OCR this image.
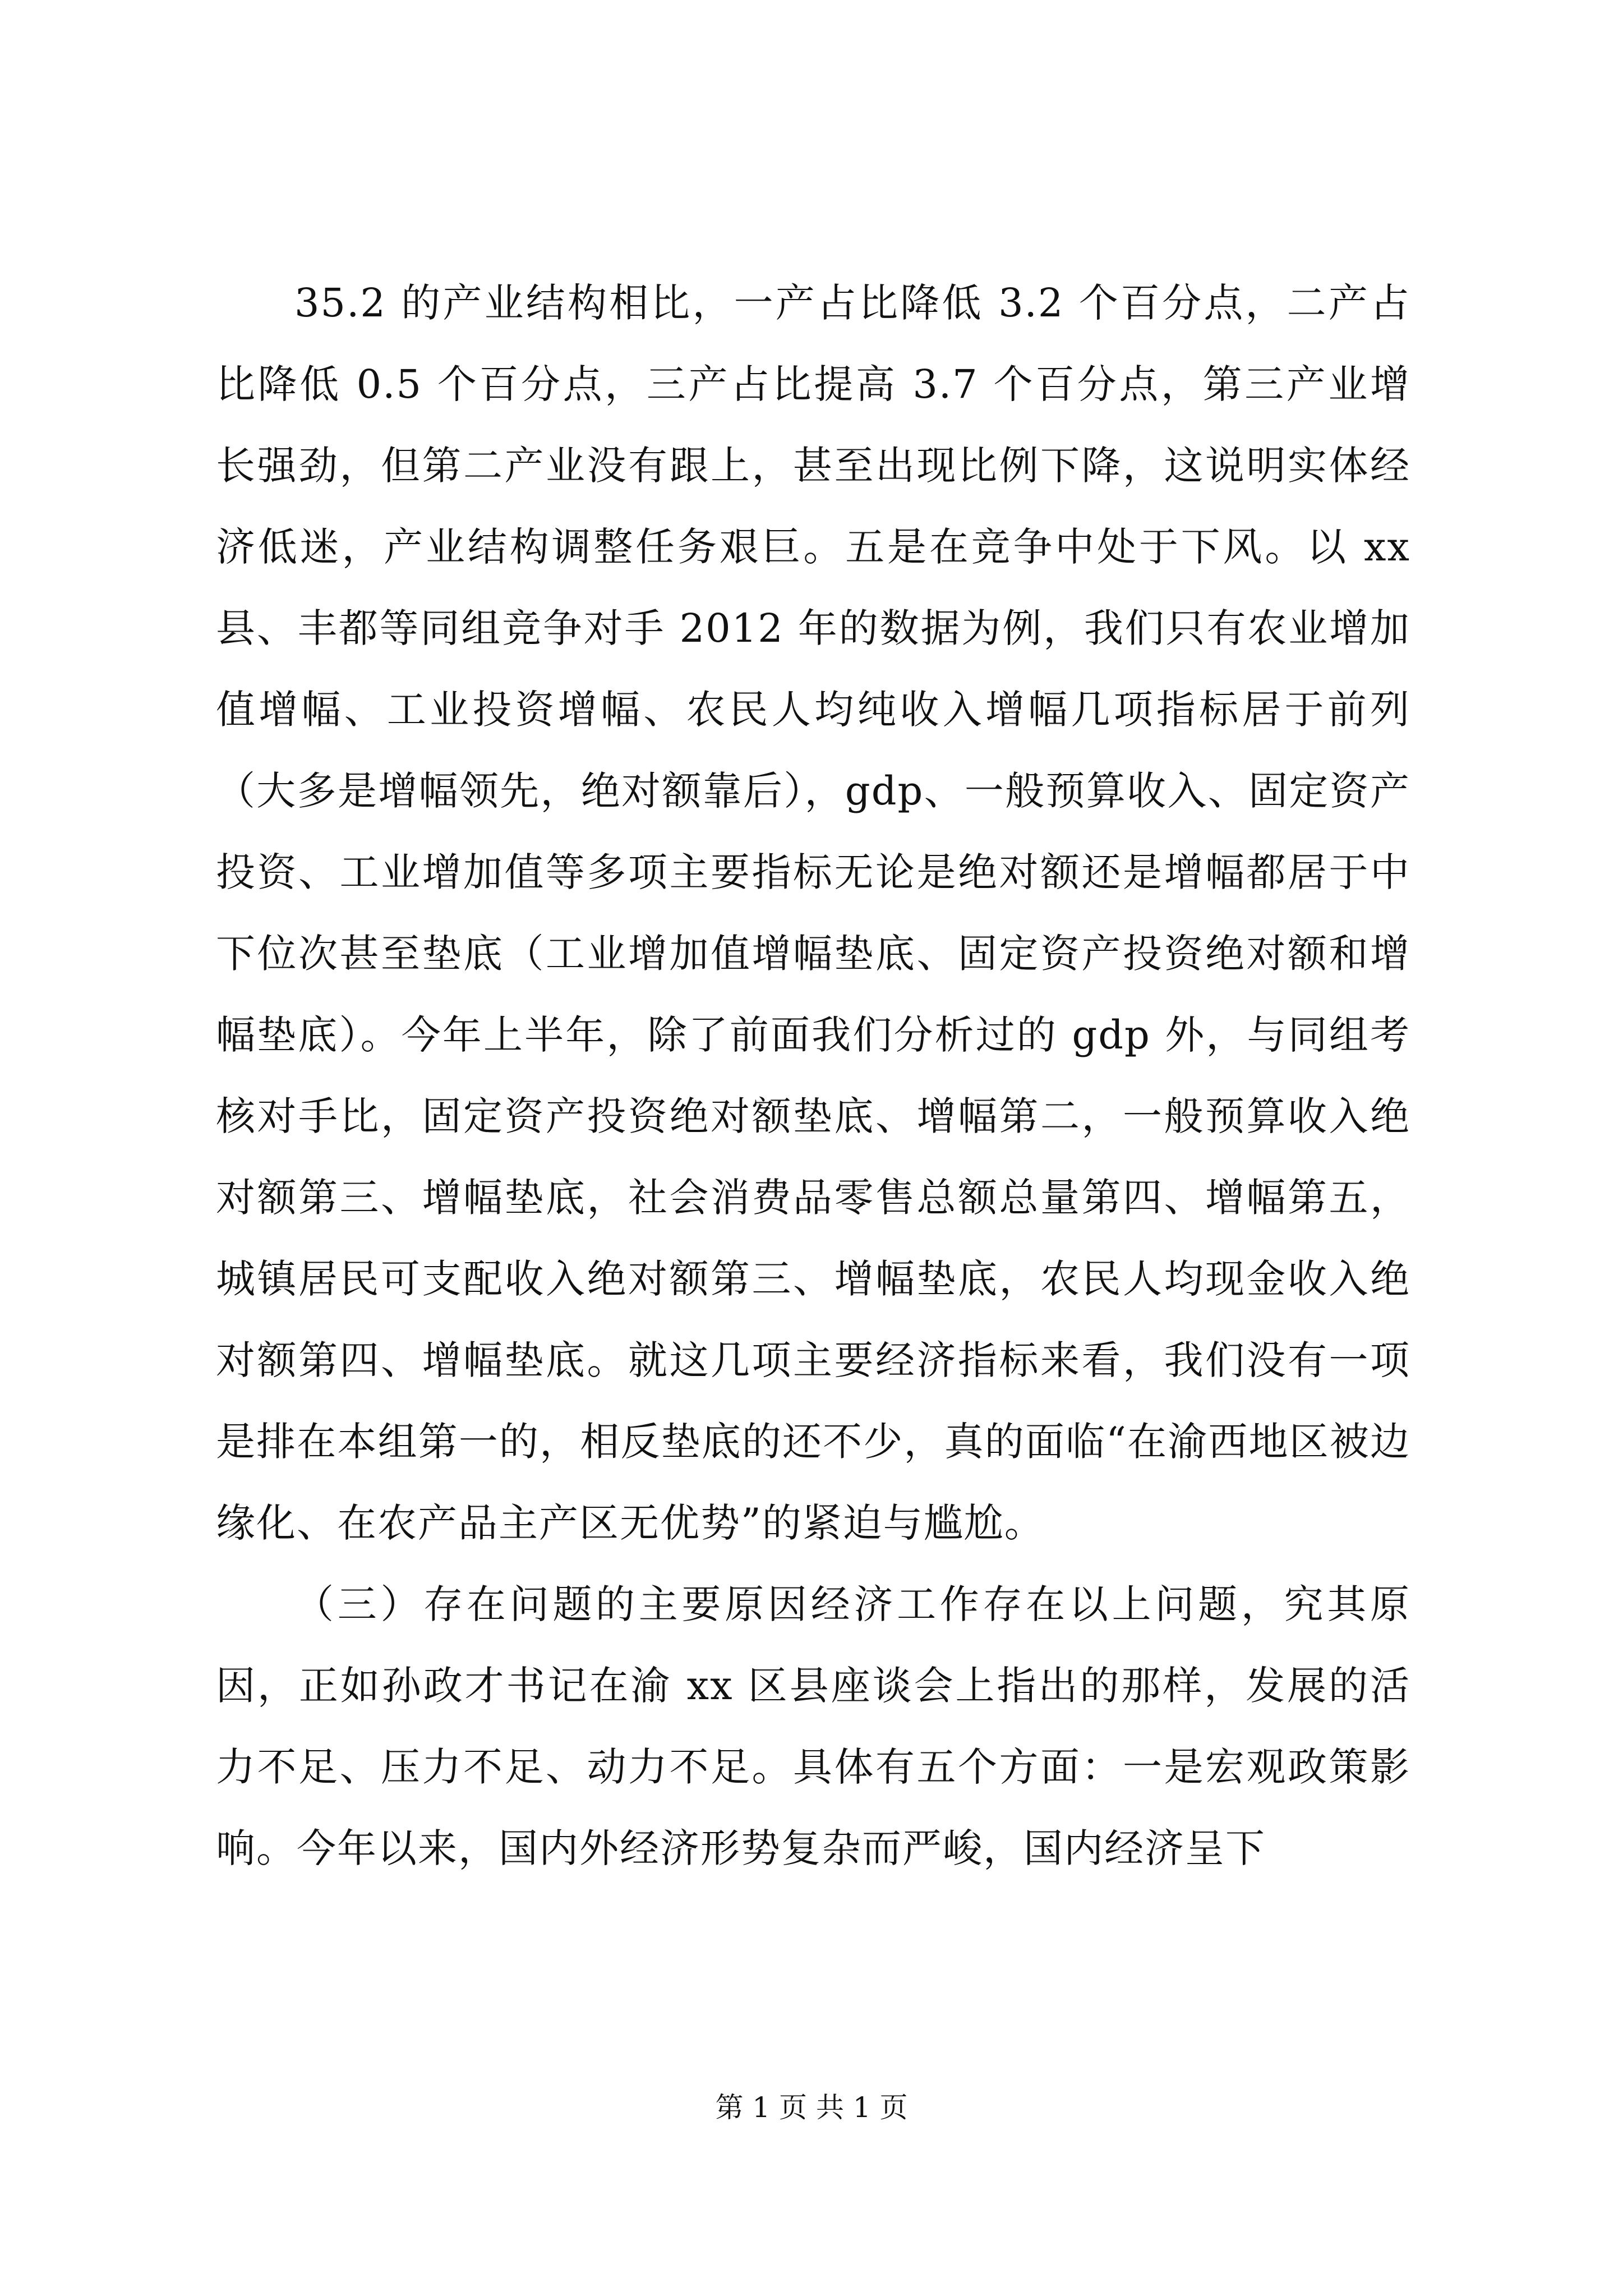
35.2 的产业结构相比，一产占比降低 3.2 个百分点，二产占比降低 0.5 个百分点，三产占比提高 3.7 个百分点，第三产业增长强劲，但第二产业没有跟上，甚至出现比例下降，这说明实体经济低迷，产业结构调整任务艰巨。五是在竞争中处于下风。以 xx 县、丰都等同组竞争对手 2012 年的数据为例，我们只有农业增加值增幅、工业投资增幅、农民人均纯收入增幅几项指标居于前列（大多是增幅领先，绝对额靠后），gdp、一般预算收入、固定资产投资、工业增加值等多项主要指标无论是绝对额还是增幅都居于中下位次甚至垫底（工业增加值增幅垫底、固定资产投资绝对额和增幅垫底）。今年上半年，除了前面我们分析过的 gdp 外，与同组考核对手比，固定资产投资绝对额垫底、增幅第二，一般预算收入绝对额第三、增幅垫底，社会消费品零售总额总量第四、增幅第五，城镇居民可支配收入绝对额第三、增幅垫底，农民人均现金收入绝对额第四、增幅垫底。就这几项主要经济指标来看，我们没有一项是排在本组第一的，相反垫底的还不少，真的面临“在渝西地区被边缘化、在农产品主产区无优势”的紧迫与尴尬。

（三）存在问题的主要原因经济工作存在以上问题，究其原因，正如孙政才书记在渝 xx 区县座谈会上指出的那样，发展的活力不足、压力不足、动力不足。具体有五个方面：一是宏观政策影响。今年以来，国内外经济形势复杂而严峻，国内经济呈下

第 1 页 共 1 页
